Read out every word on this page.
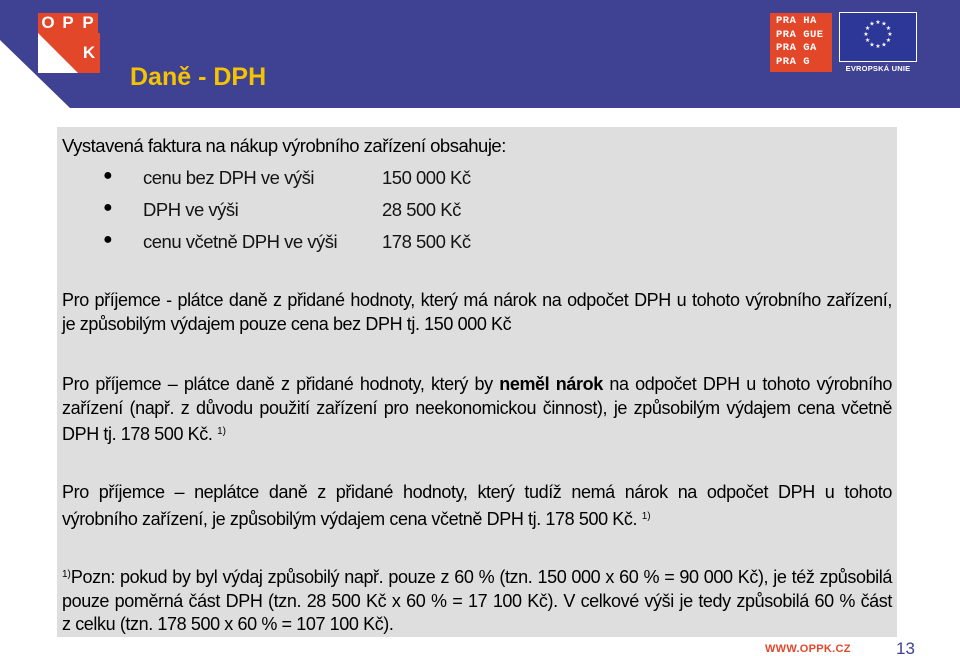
O P P
K
Daně - DPH
PRA HA
PRA GUE
PRA GA
PRA G
★ ★
★
★
★
★
★
★
★
★
★
★
EVROPSKÁ UNIE
Vystavená faktura na nákup výrobního zařízení obsahuje:
● cenu bez DPH ve výši	150 000 Kč
● DPH ve výši	28 500 Kč
● cenu včetně DPH ve výši 178 500 Kč
Pro příjemce - plátce daně z přidané hodnoty, který má nárok na odpočet DPH u tohoto výrobního zařízení,
je způsobilým výdajem pouze cena bez DPH tj. 150 000 Kč
Pro příjemce – plátce daně z přidané hodnoty, který by neměl nárok na odpočet DPH u tohoto výrobního
zařízení (např. z důvodu použití zařízení pro neekonomickou činnost), je způsobilým výdajem cena včetně
DPH tj. 178 500 Kč. $^{1)}$
Pro příjemce – neplátce daně z přidané hodnoty, který tudíž nemá nárok na odpočet DPH u tohoto
výrobního zařízení, je způsobilým výdajem cena včetně DPH tj. 178 500 Kč. $^{1)}$
$^{1)}$Pozn: pokud by byl výdaj způsobilý např. pouze z 60 % (tzn. 150 000 x 60 % = 90 000 Kč), je též způsobilá
pouze poměrná část DPH (tzn. 28 500 Kč x 60 % = 17 100 Kč). V celkové výši je tedy způsobilá 60 % část
z celku (tzn. 178 500 x 60 % = 107 100 Kč).
WWW.OPPK.CZ	13
